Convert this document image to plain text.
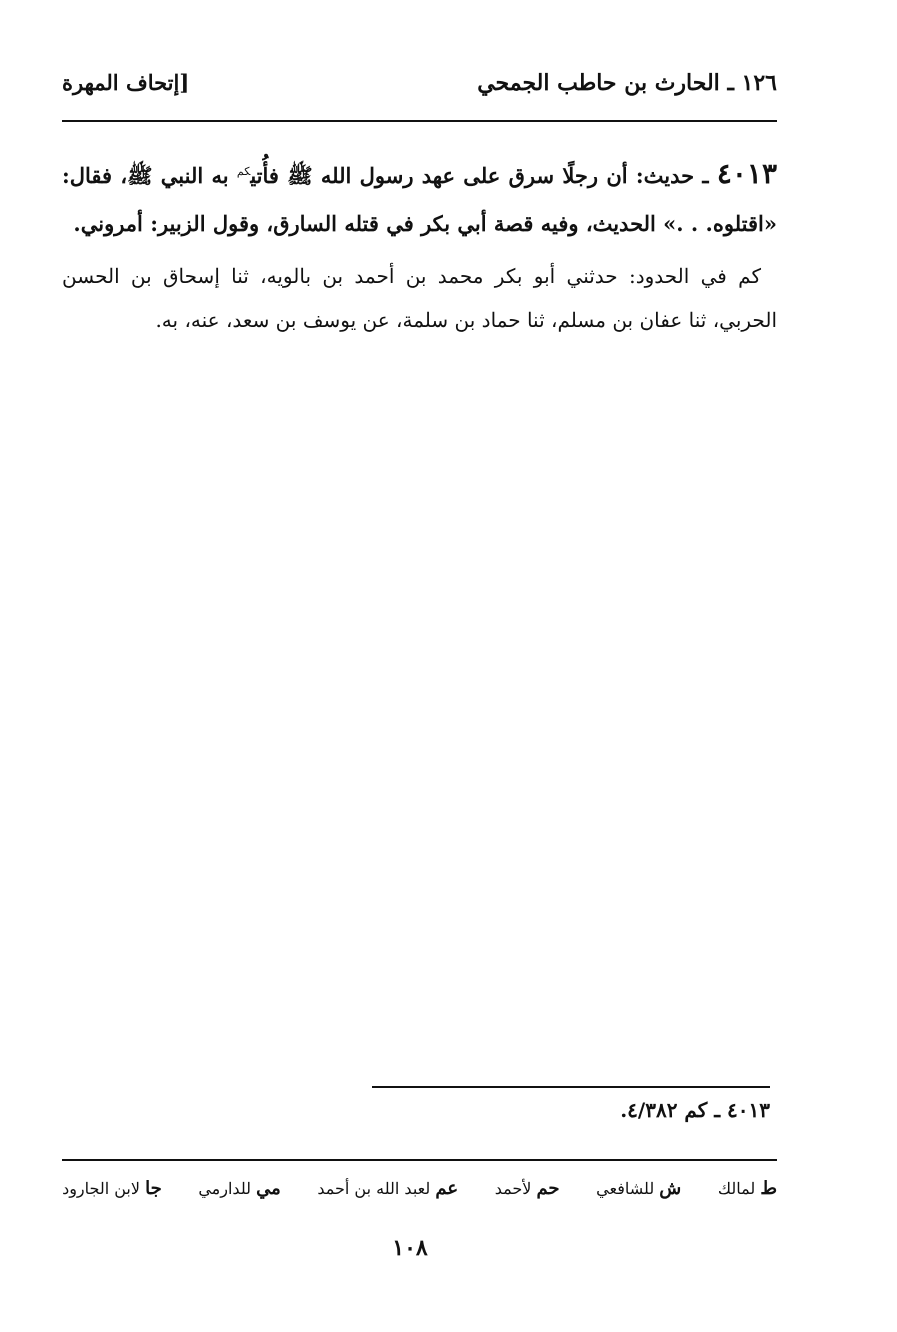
١٢٦ ـ الحارث بن حاطب الجمحي
[إتحاف المهرة

٤٠١٣ ـ حديث: أن رجلًا سرق على عهد رسول الله ﷺ فأُتي$^{كم}$ به النبي ﷺ، فقال: «اقتلوه. . .» الحديث، وفيه قصة أبي بكر في قتله السارق، وقول الزبير: أمروني.

كم في الحدود: حدثني أبو بكر محمد بن أحمد بن بالويه، ثنا إسحاق بن الحسن الحربي، ثنا عفان بن مسلم، ثنا حماد بن سلمة، عن يوسف بن سعد، عنه، به.

٤٠١٣ ـ كم ٤/٣٨٢.
ط لمالك
ش للشافعي
حم لأحمد
عم لعبد الله بن أحمد
مي للدارمي
جا لابن الجارود
١٠٨
